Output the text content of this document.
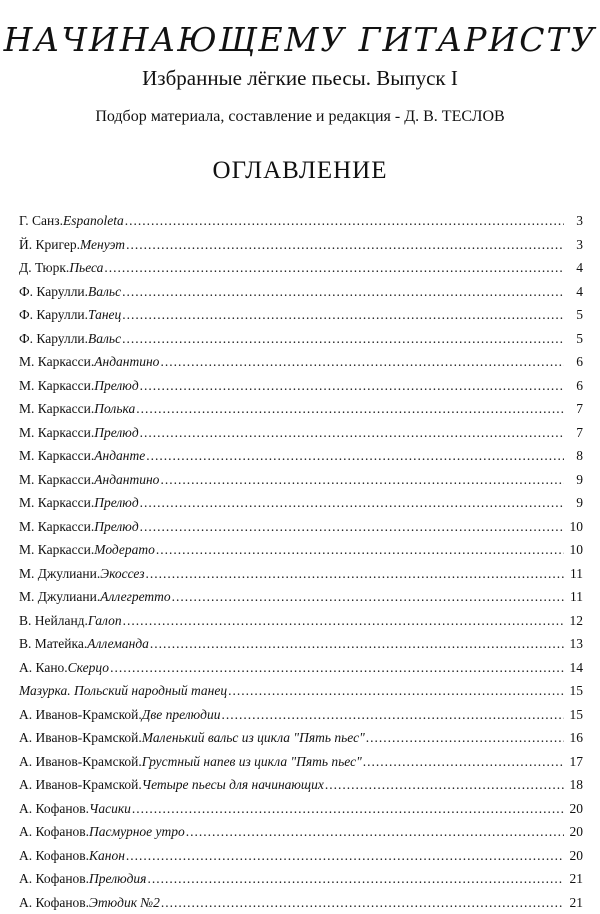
НАЧИНАЮЩЕМУ ГИТАРИСТУ

Избранные лёгкие пьесы. Выпуск I

Подбор материала, составление и редакция - Д. В. ТЕСЛОВ

ОГЛАВЛЕНИЕ
Г. Санз. Espanoleta .....	3
Й. Кригер. Менуэт .....	3
Д. Тюрк. Пьеса .....	4
Ф. Карулли. Вальс .....	4
Ф. Карулли. Танец .....	5
Ф. Карулли. Вальс .....	5
М. Каркасси. Андантино .....	6
М. Каркасси. Прелюд .....	6
М. Каркасси. Полька .....	7
М. Каркасси. Прелюд .....	7
М. Каркасси. Анданте .....	8
М. Каркасси. Андантино .....	9
М. Каркасси. Прелюд .....	9
М. Каркасси. Прелюд .....	10
М. Каркасси. Модерато .....	10
М. Джулиани. Экоссез .....	11
М. Джулиани. Аллегретто .....	11
В. Нейланд. Галоп .....	12
В. Матейка. Аллеманда .....	13
А. Кано. Скерцо .....	14
Мазурка. Польский народный танец .....	15
А. Иванов-Крамской. Две прелюдии .....	15
А. Иванов-Крамской. Маленький вальс из цикла "Пять пьес" .....	16
А. Иванов-Крамской. Грустный напев из цикла "Пять пьес" .....	17
А. Иванов-Крамской. Четыре пьесы для начинающих .....	18
А. Кофанов. Часики .....	20
А. Кофанов. Пасмурное утро .....	20
А. Кофанов. Канон .....	20
А. Кофанов. Прелюдия .....	21
А. Кофанов. Этюдик №2 .....	21
